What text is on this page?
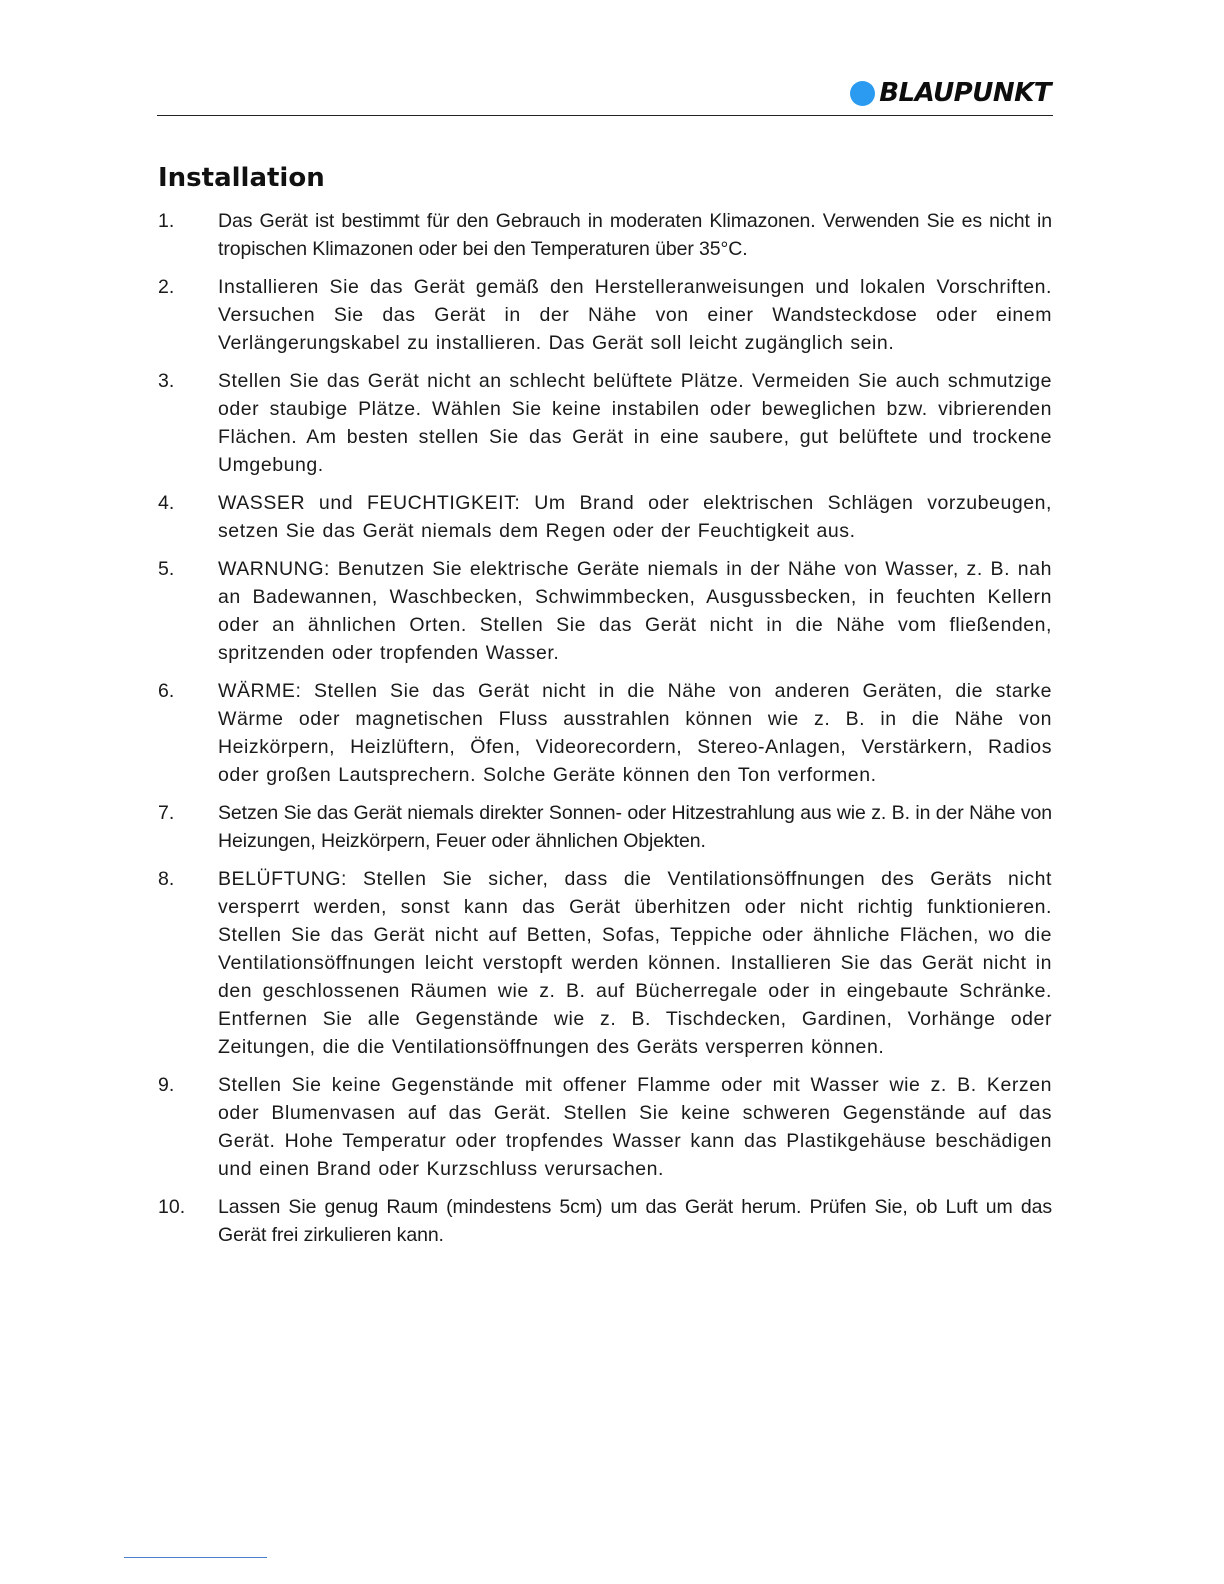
BLAUPUNKT
Installation
1.	Das Gerät ist bestimmt für den Gebrauch in moderaten Klimazonen. Verwenden Sie es nicht in tropischen Klimazonen oder bei den Temperaturen über 35°C.
2.	Installieren Sie das Gerät gemäß den Herstelleranweisungen und lokalen Vorschriften. Versuchen Sie das Gerät in der Nähe von einer Wandsteckdose oder einem Verlängerungskabel zu installieren. Das Gerät soll leicht zugänglich sein.
3.	Stellen Sie das Gerät nicht an schlecht belüftete Plätze. Vermeiden Sie auch schmutzige oder staubige Plätze. Wählen Sie keine instabilen oder beweglichen bzw. vibrierenden Flächen. Am besten stellen Sie das Gerät in eine saubere, gut belüftete und trockene Umgebung.
4.	WASSER und FEUCHTIGKEIT: Um Brand oder elektrischen Schlägen vorzubeugen, setzen Sie das Gerät niemals dem Regen oder der Feuchtigkeit aus.
5.	WARNUNG: Benutzen Sie elektrische Geräte niemals in der Nähe von Wasser, z. B. nah an Badewannen, Waschbecken, Schwimmbecken, Ausgussbecken, in feuchten Kellern oder an ähnlichen Orten. Stellen Sie das Gerät nicht in die Nähe vom fließenden, spritzenden oder tropfenden Wasser.
6.	WÄRME: Stellen Sie das Gerät nicht in die Nähe von anderen Geräten, die starke Wärme oder magnetischen Fluss ausstrahlen können wie z. B. in die Nähe von Heizkörpern, Heizlüftern, Öfen, Videorecordern, Stereo-Anlagen, Verstärkern, Radios oder großen Lautsprechern. Solche Geräte können den Ton verformen.
7.	Setzen Sie das Gerät niemals direkter Sonnen- oder Hitzestrahlung aus wie z. B. in der Nähe von Heizungen, Heizkörpern, Feuer oder ähnlichen Objekten.
8.	BELÜFTUNG: Stellen Sie sicher, dass die Ventilationsöffnungen des Geräts nicht versperrt werden, sonst kann das Gerät überhitzen oder nicht richtig funktionieren. Stellen Sie das Gerät nicht auf Betten, Sofas, Teppiche oder ähnliche Flächen, wo die Ventilationsöffnungen leicht verstopft werden können. Installieren Sie das Gerät nicht in den geschlossenen Räumen wie z. B. auf Bücherregale oder in eingebaute Schränke. Entfernen Sie alle Gegenstände wie z. B. Tischdecken, Gardinen, Vorhänge oder Zeitungen, die die Ventilationsöffnungen des Geräts versperren können.
9.	Stellen Sie keine Gegenstände mit offener Flamme oder mit Wasser wie z. B. Kerzen oder Blumenvasen auf das Gerät. Stellen Sie keine schweren Gegenstände auf das Gerät. Hohe Temperatur oder tropfendes Wasser kann das Plastikgehäuse beschädigen und einen Brand oder Kurzschluss verursachen.
10.	Lassen Sie genug Raum (mindestens 5cm) um das Gerät herum. Prüfen Sie, ob Luft um das Gerät frei zirkulieren kann.
